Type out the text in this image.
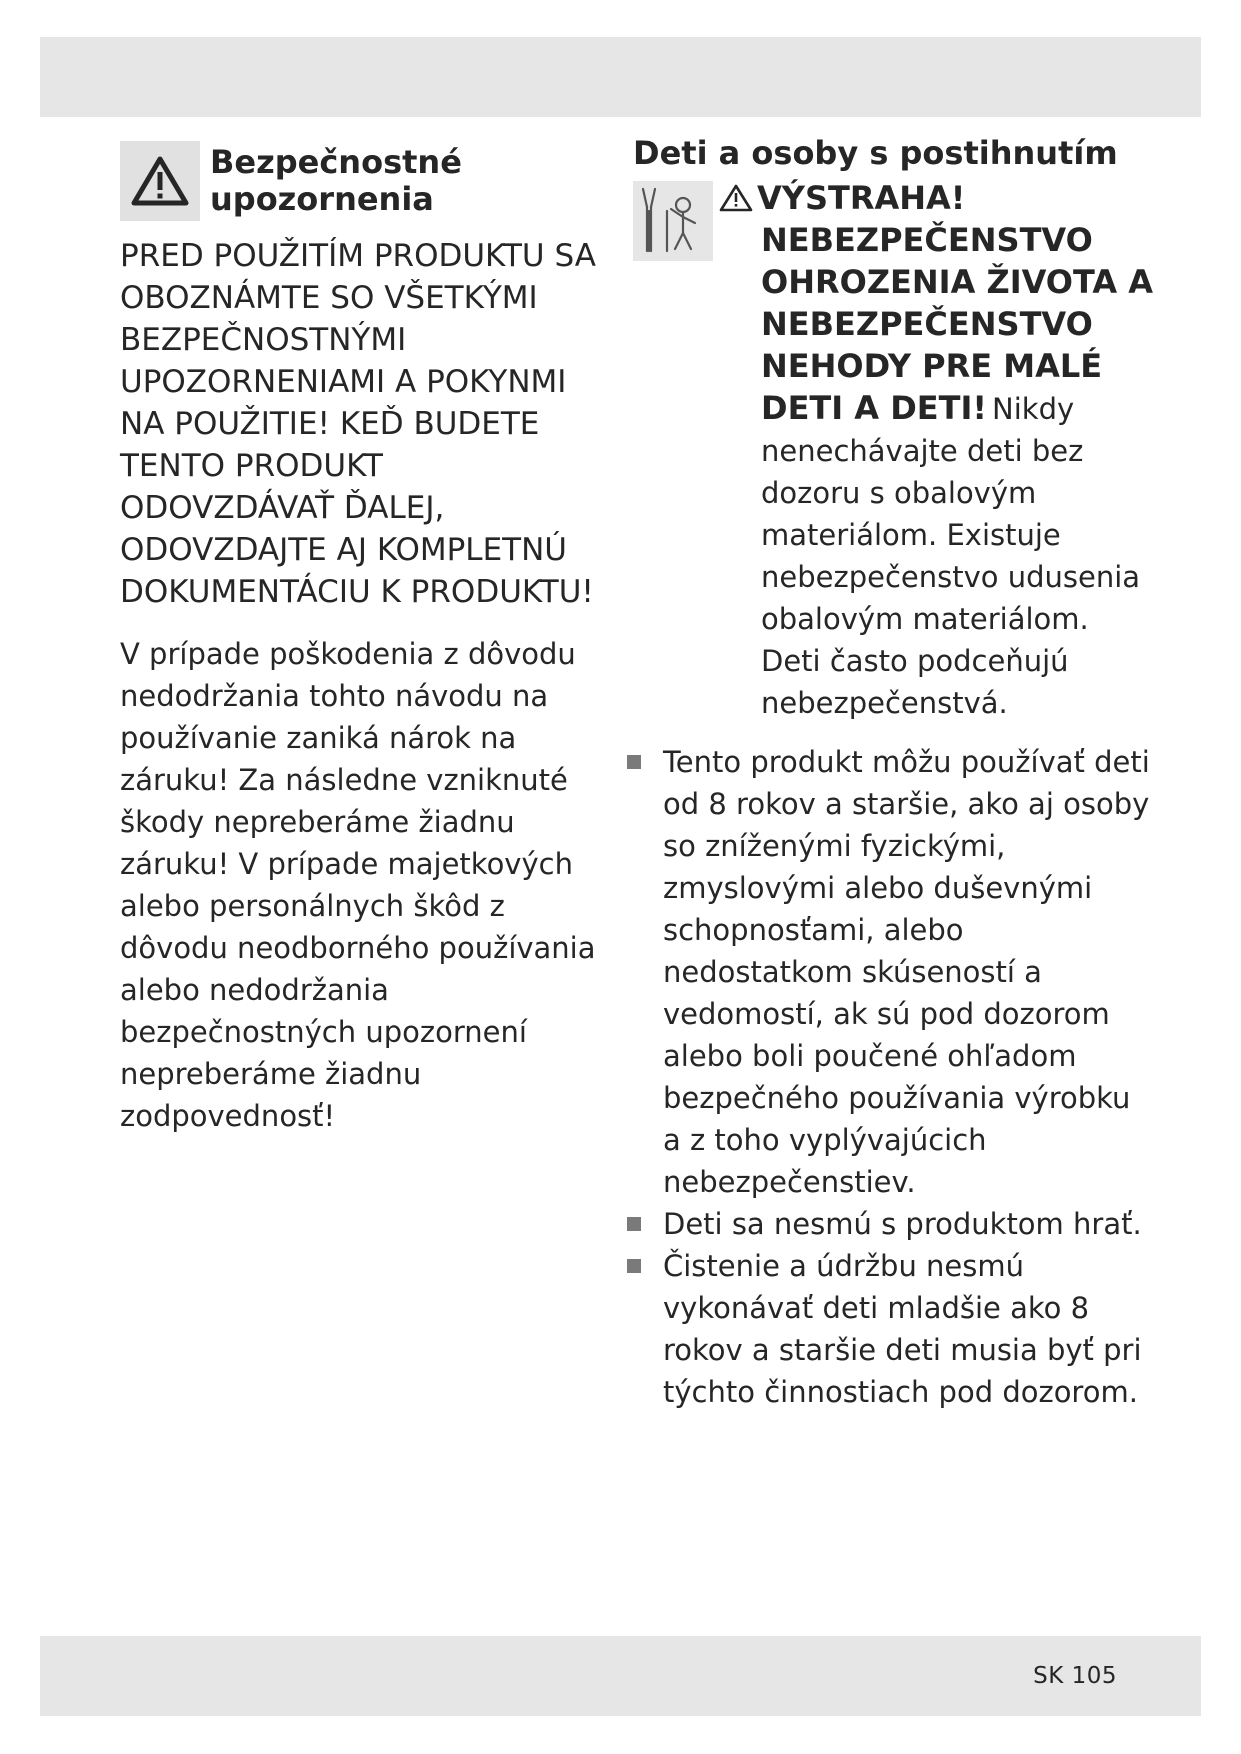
Bezpečnostné upozornenia
PRED POUŽITÍM PRODUKTU SA OBOZNÁMTE SO VŠETKÝMI BEZPEČNOSTNÝMI UPOZORNENIAMI A POKYNMI NA POUŽITIE! KEĎ BUDETE TENTO PRODUKT ODOVZDÁVAŤ ĎALEJ, ODOVZDAJTE AJ KOMPLETNÚ DOKUMENTÁCIU K PRODUKTU!
V prípade poškodenia z dôvodu nedodržania tohto návodu na používanie zaniká nárok na záruku! Za následne vzniknuté škody nepreberáme žiadnu záruku! V prípade majetkových alebo personálnych škôd z dôvodu neodborného používania alebo nedodržania bezpečnostných upozornení nepreberáme žiadnu zodpovednosť!
Deti a osoby s postihnutím
VÝSTRAHA!
NEBEZPEČENSTVO OHROZENIA ŽIVOTA A NEBEZPEČENSTVO NEHODY PRE MALÉ DETI A DETI! Nikdy nenechávajte deti bez dozoru s obalovým materiálom. Existuje nebezpečenstvo udusenia obalovým materiálom. Deti často podceňujú nebezpečenstvá.
Tento produkt môžu používať deti od 8 rokov a staršie, ako aj osoby so zníženými fyzickými, zmyslovými alebo duševnými schopnosťami, alebo nedostatkom skúseností a vedomostí, ak sú pod dozorom alebo boli poučené ohľadom bezpečného používania výrobku a z toho vyplývajúcich nebezpečenstiev.
Deti sa nesmú s produktom hrať.
Čistenie a údržbu nesmú vykonávať deti mladšie ako 8 rokov a staršie deti musia byť pri týchto činnostiach pod dozorom.
SK 105
